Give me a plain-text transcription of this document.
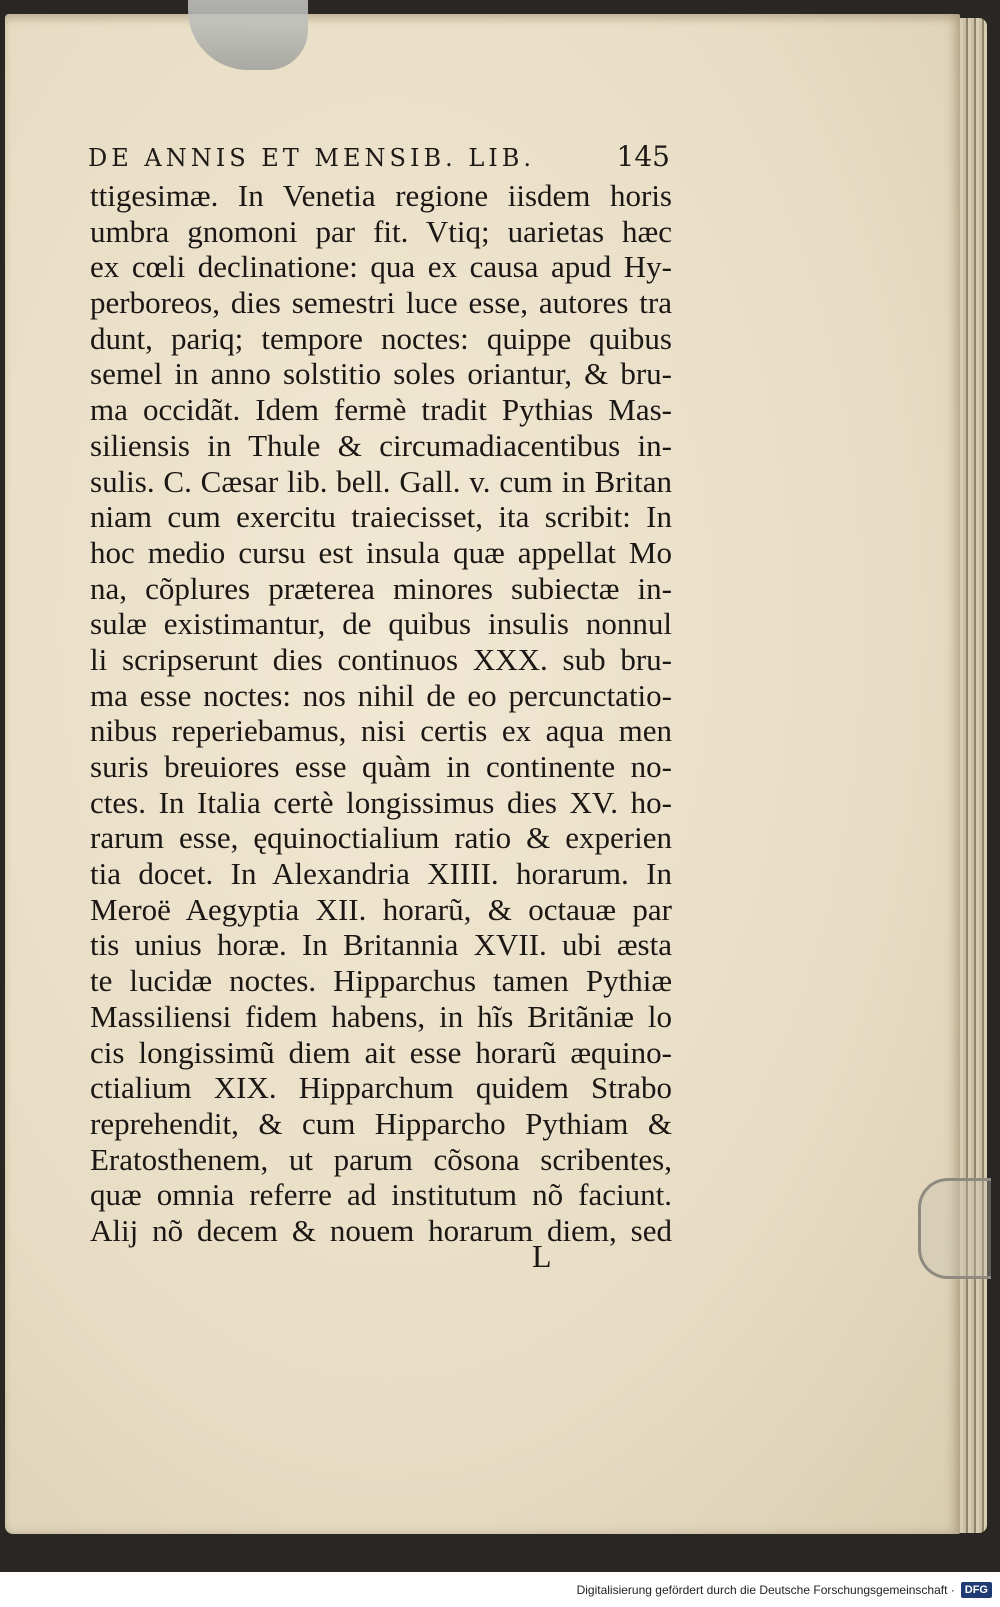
DE ANNIS ET MENSIB. LIB.	145
ttigesimæ. In Venetia regione iisdem horis
umbra gnomoni par fit. Vtiq; uarietas hæc
ex cœli declinatione: qua ex causa apud Hy-
perboreos, dies semestri luce esse, autores tra
dunt, pariq; tempore noctes: quippe quibus
semel in anno solstitio soles oriantur, & bru-
ma occidãt. Idem fermè tradit Pythias Mas-
siliensis in Thule & circumadiacentibus in-
sulis. C. Cæsar lib. bell. Gall. v. cum in Britan
niam cum exercitu traiecisset, ita scribit: In
hoc medio cursu est insula quæ appellat Mo
na, cõplures præterea minores subiectæ in-
sulæ existimantur, de quibus insulis nonnul
li scripserunt dies continuos XXX. sub bru-
ma esse noctes: nos nihil de eo percunctatio-
nibus reperiebamus, nisi certis ex aqua men
suris breuiores esse quàm in continente no-
ctes. In Italia certè longissimus dies XV. ho-
rarum esse, ęquinoctialium ratio & experien
tia docet. In Alexandria XIIII. horarum. In
Meroë Aegyptia XII. horarũ, & octauæ par
tis unius horæ. In Britannia XVII. ubi æsta
te lucidæ noctes. Hipparchus tamen Pythiæ
Massiliensi fidem habens, in hĩs Britãniæ lo
cis longissimũ diem ait esse horarũ æquino-
ctialium XIX. Hipparchum quidem Strabo
reprehendit, & cum Hipparcho Pythiam &
Eratosthenem, ut parum cõsona scribentes,
quæ omnia referre ad institutum nõ faciunt.
Alij nõ decem & nouem horarum diem, sed
L
Digitalisierung gefördert durch die Deutsche Forschungsgemeinschaft · DFG
